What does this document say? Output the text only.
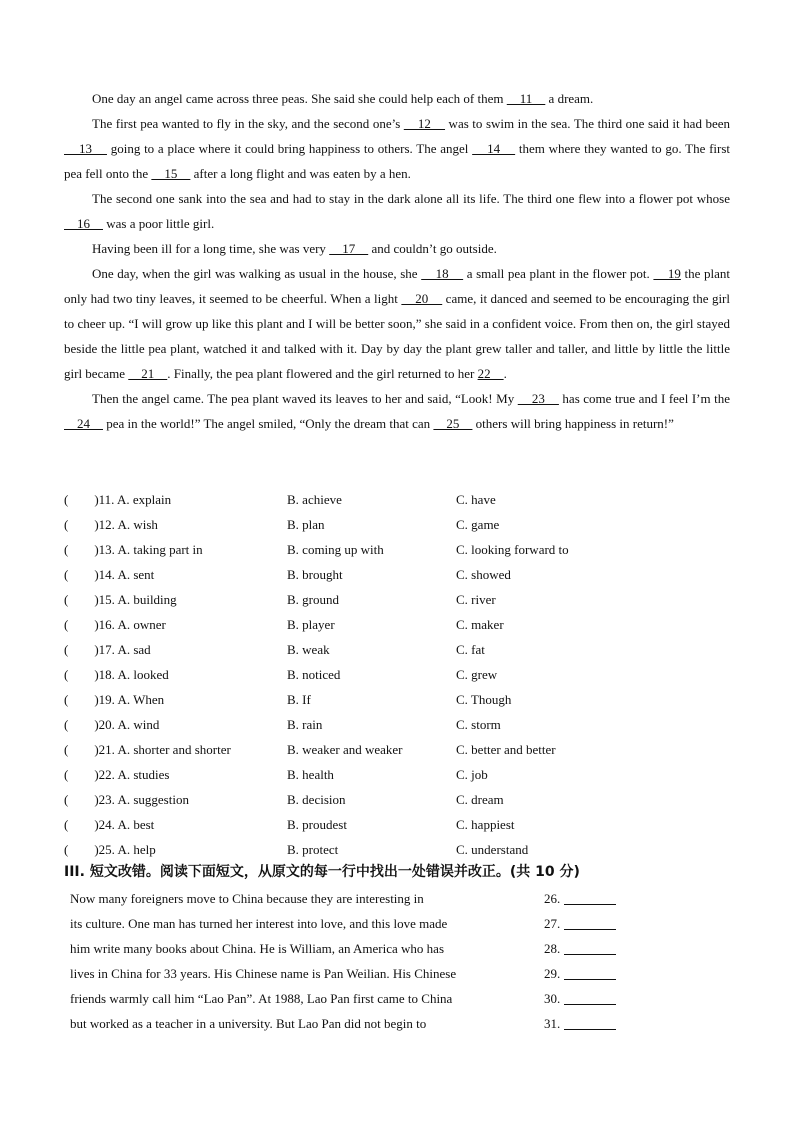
One day an angel came across three peas. She said she could help each of them     11     a dream.

The first pea wanted to fly in the sky, and the second one’s     12     was to swim in the sea. The third one said it had been     13     going to a place where it could bring happiness to others. The angel     14     them where they wanted to go. The first pea fell onto the     15     after a long flight and was eaten by a hen.

The second one sank into the sea and had to stay in the dark alone all its life. The third one flew into a flower pot whose     16     was a poor little girl.

Having been ill for a long time, she was very     17     and couldn’t go outside.

One day, when the girl was walking as usual in the house, she     18     a small pea plant in the flower pot.     19 the plant only had two tiny leaves, it seemed to be cheerful. When a light     20     came, it danced and seemed to be encouraging the girl to cheer up. “I will grow up like this plant and I will be better soon,” she said in a confident voice. From then on, the girl stayed beside the little pea plant, watched it and talked with it. Day by day the plant grew taller and taller, and little by little the little girl became     21    . Finally, the pea plant flowered and the girl returned to her 22    .

Then the angel came. The pea plant waved its leaves to her and said, “Look! My     23     has come true and I feel I’m the     24     pea in the world!” The angel smiled, “Only the dream that can     25     others will bring happiness in return!”

(　　)11. A. explain	B. achieve	C. have
(　　)12. A. wish	B. plan	C. game
(　　)13. A. taking part in	B. coming up with	C. looking forward to
(　　)14. A. sent	B. brought	C. showed
(　　)15. A. building	B. ground	C. river
(　　)16. A. owner	B. player	C. maker
(　　)17. A. sad	B. weak	C. fat
(　　)18. A. looked	B. noticed	C. grew
(　　)19. A. When	B. If	C. Though
(　　)20. A. wind	B. rain	C. storm
(　　)21. A. shorter and shorter	B. weaker and weaker	C. better and better
(　　)22. A. studies	B. health	C. job
(　　)23. A. suggestion	B. decision	C. dream
(　　)24. A. best	B. proudest	C. happiest
(　　)25. A. help	B. protect	C. understand
III. 短文改错。阅读下面短文，从原文的每一行中找出一处错误并改正。(共 10 分)
Now many foreigners move to China because they are interesting in	26.
its culture. One man has turned her interest into love, and this love made	27.
him write many books about China. He is William, an America who has	28.
lives in China for 33 years. His Chinese name is Pan Weilian. His Chinese	29.
friends warmly call him “Lao Pan”. At 1988, Lao Pan first came to China	30.
but worked as a teacher in a university. But Lao Pan did not begin to	31.
